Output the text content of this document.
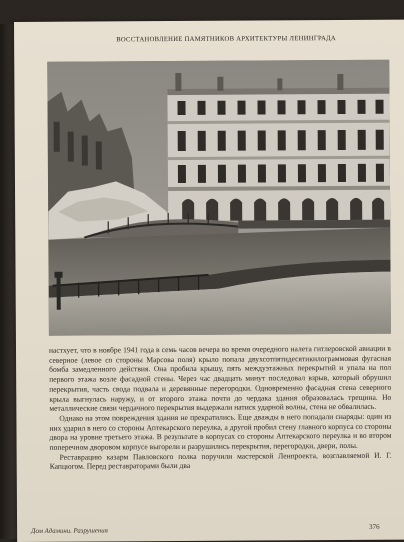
ВОССТАНОВЛЕНИЕ ПАМЯТНИКОВ АРХИТЕКТУРЫ ЛЕНИНГРАДА

настхует, что в ноябре 1941 года в семь часов вечера во время очередного налета гитлеровской авиации в северное (левое со стороны Марсова поля) крыло попала двухсотпятидесятикилограммовая фугасная бомба замедленного действия. Она пробила крышу, пять междуэтажных перекрытий и упала на пол первого этажа возле фасадной стены. Через час двадцать минут последовал взрыв, который обрушил перекрытия, часть свода подвала и деревянные перегородки. Одновременно фасадная стена северного крыла выгнулась наружу, и от второго этажа почти до чердака здания образовалась трещина. Но металлические связи чердачного перекрытия выдержали натиск ударной волны, стена не обвалилась.

Однако на этом повреждения здания не прекратились. Еще дважды в него попадали снаряды: один из них ударил в него со стороны Аптекарского переулка, а другой пробил стену главного корпуса со стороны двора на уровне третьего этажа. В результате в корпусах со стороны Аптекарского переулка и во втором поперечном дворовом корпусе выгорели и разрушились перекрытия, перегородки, двери, полы.

Реставрацию казарм Павловского полка поручили мастерской Ленпроекта, возглавляемой И. Г. Капцюгом. Перед реставраторами были два

Дом Адамини. Разрушения
376
